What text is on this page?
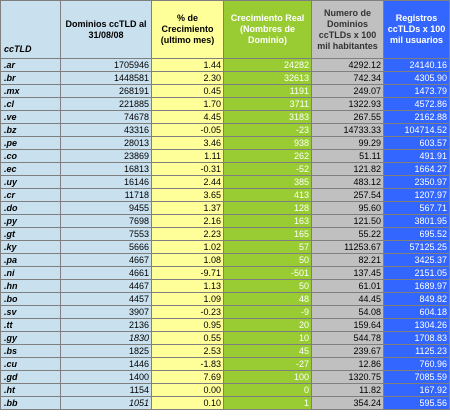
ccTLD	Dominios ccTLD al 31/08/08	% de Crecimiento (ultimo mes)	Crecimiento Real (Nombres de Dominio)	Numero de Dominios ccTLDs x 100 mil habitantes	Registros ccTLDs x 100 mil usuarios
.ar	1705946	1.44	24282	4292.12	24140.16
.br	1448581	2.30	32613	742.34	4305.90
.mx	268191	0.45	1191	249.07	1473.79
.cl	221885	1.70	3711	1322.93	4572.86
.ve	74678	4.45	3183	267.55	2162.88
.bz	43316	-0.05	-23	14733.33	104714.52
.pe	28013	3.46	938	99.29	603.57
.co	23869	1.11	262	51.11	491.91
.ec	16813	-0.31	-52	121.82	1664.27
.uy	16146	2.44	385	483.12	2350.97
.cr	11718	3.65	413	257.54	1207.97
.do	9455	1.37	128	95.60	567.71
.py	7698	2.16	163	121.50	3801.95
.gt	7553	2.23	165	55.22	695.52
.ky	5666	1.02	57	11253.67	57125.25
.pa	4667	1.08	50	82.21	3425.37
.ni	4661	-9.71	-501	137.45	2151.05
.hn	4467	1.13	50	61.01	1689.97
.bo	4457	1.09	48	44.45	849.82
.sv	3907	-0.23	-9	54.08	604.18
.tt	2136	0.95	20	159.64	1304.26
.gy	1830	0.55	10	544.78	1708.83
.bs	1825	2.53	45	239.67	1125.23
.cu	1446	-1.83	-27	12.86	760.96
.gd	1400	7.69	100	1320.75	7085.59
.ht	1154	0.00	0	11.82	167.92
.bb	1051	0.10	1	354.24	595.56
